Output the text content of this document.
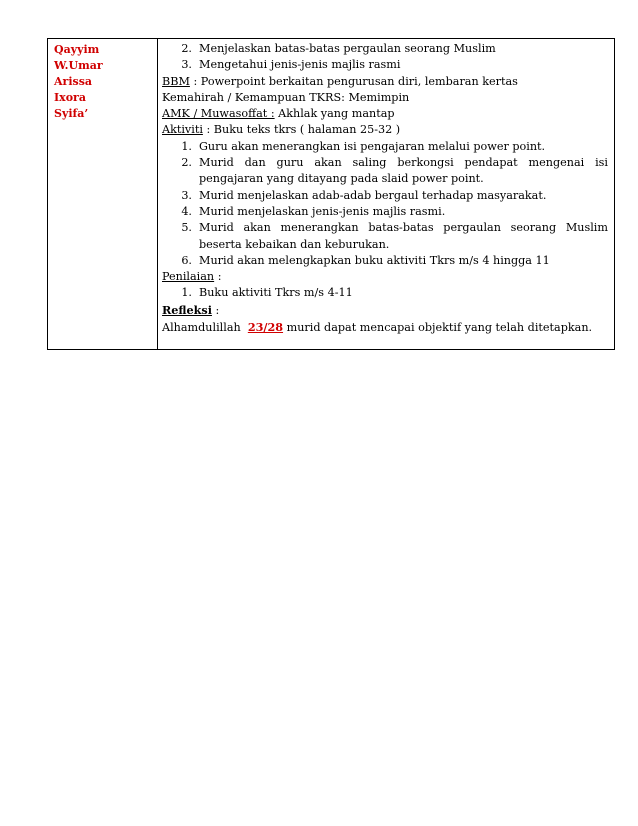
Qayyim
W.Umar
Arissa
Ixora
Syifa’
2. Menjelaskan batas-batas pergaulan seorang Muslim
3. Mengetahui jenis-jenis majlis rasmi
BBM : Powerpoint berkaitan pengurusan diri, lembaran kertas
Kemahirah / Kemampuan TKRS: Memimpin
AMK / Muwasoffat : Akhlak yang mantap
Aktiviti : Buku teks tkrs ( halaman 25-32 )
1. Guru akan menerangkan isi pengajaran melalui power point.
2. Murid dan guru akan saling berkongsi pendapat mengenai isi pengajaran yang ditayang pada slaid power point.
3. Murid menjelaskan adab-adab bergaul terhadap masyarakat.
4. Murid menjelaskan jenis-jenis majlis rasmi.
5. Murid akan menerangkan batas-batas pergaulan seorang Muslim beserta kebaikan dan keburukan.
6. Murid akan melengkapkan buku aktiviti Tkrs m/s 4 hingga 11
Penilaian :
1. Buku aktiviti Tkrs m/s 4-11
Refleksi :
Alhamdulillah  23/28 murid dapat mencapai objektif yang telah ditetapkan.
